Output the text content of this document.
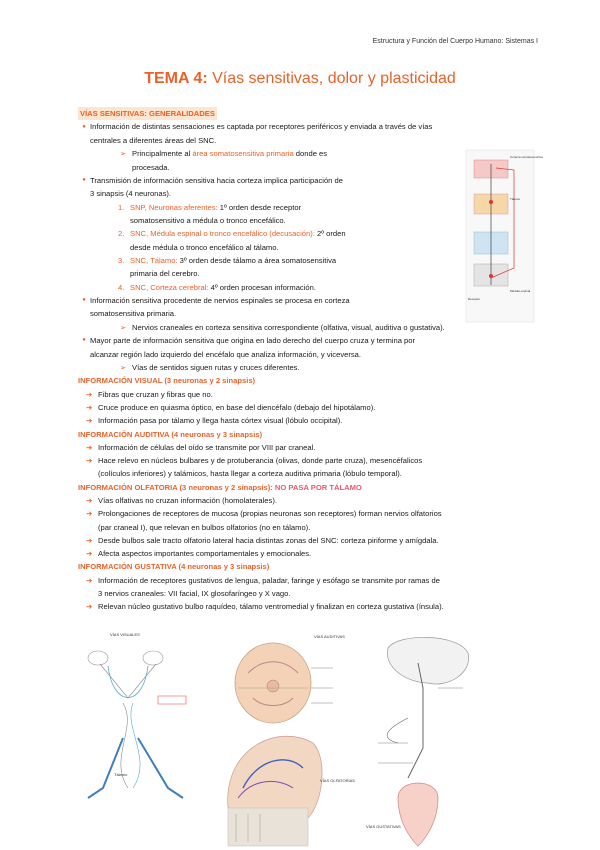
Estructura y Función del Cuerpo Humano: Sistemas I
TEMA 4: Vías sensitivas, dolor y plasticidad
VÍAS SENSITIVAS: GENERALIDADES
● Información de distintas sensaciones es captada por receptores periféricos y enviada a través de vías
centrales a diferentes áreas del SNC.
➢ Principalmente al área somatosensitiva primaria donde es
procesada.
● Transmisión de información sensitiva hacia corteza implica participación de
3 sinapsis (4 neuronas).
1. SNP, Neuronas aferentes: 1º orden desde receptor
somatosensitivo a médula o tronco encefálico.
2. SNC, Médula espinal o tronco encefálico (decusación): 2º orden
desde médula o tronco encefálico al tálamo.
3. SNC, Tálamo: 3º orden desde tálamo a área somatosensitiva
primaria del cerebro.
4. SNC, Corteza cerebral: 4º orden procesan información.
● Información sensitiva procedente de nervios espinales se procesa en corteza
somatosensitiva primaria.
➢ Nervios craneales en corteza sensitiva correspondiente (olfativa, visual, auditiva o gustativa).
● Mayor parte de información sensitiva que origina en lado derecho del cuerpo cruza y termina por
alcanzar región lado izquierdo del encéfalo que analiza información, y viceversa.
➢ Vías de sentidos siguen rutas y cruces diferentes.
INFORMACIÓN VISUAL (3 neuronas y 2 sinapsis)
➔ Fibras que cruzan y fibras que no.
➔ Cruce produce en quiasma óptico, en base del diencéfalo (debajo del hipotálamo).
➔ Información pasa por tálamo y llega hasta córtex visual (lóbulo occipital).
INFORMACIÓN AUDITIVA (4 neuronas y 3 sinapsis)
➔ Información de células del oído se transmite por VIII par craneal.
➔ Hace relevo en núcleos bulbares y de protuberancia (olivas, donde parte cruza), mesencéfalicos
(colículos inferiores) y talámicos, hasta llegar a corteza auditiva primaria (lóbulo temporal).
INFORMACIÓN OLFATORIA (3 neuronas y 2 sinapsis): NO PASA POR TÁLAMO
➔ Vías olfativas no cruzan información (homolaterales).
➔ Prolongaciones de receptores de mucosa (propias neuronas son receptores) forman nervios olfatorios
(par craneal I), que relevan en bulbos olfatorios (no en tálamo).
➔ Desde bulbos sale tracto olfatorio lateral hacia distintas zonas del SNC: corteza piriforme y amígdala.
➔ Afecta aspectos importantes comportamentales y emocionales.
INFORMACIÓN GUSTATIVA (4 neuronas y 3 sinapsis)
➔ Información de receptores gustativos de lengua, paladar, faringe y esófago se transmite por ramas de
3 nervios craneales: VII facial, IX glosofaríngeo y X vago.
➔ Relevan núcleo gustativo bulbo raquídeo, tálamo ventromedial y finalizan en corteza gustativa (ínsula).
Corteza somatosensitiva
Tálamo
Médula espinal
Receptor
VÍAS VISUALES
Tálamo
VÍAS AUDITIVAS
VÍAS OLFATORIAS
VÍAS GUSTATIVAS
